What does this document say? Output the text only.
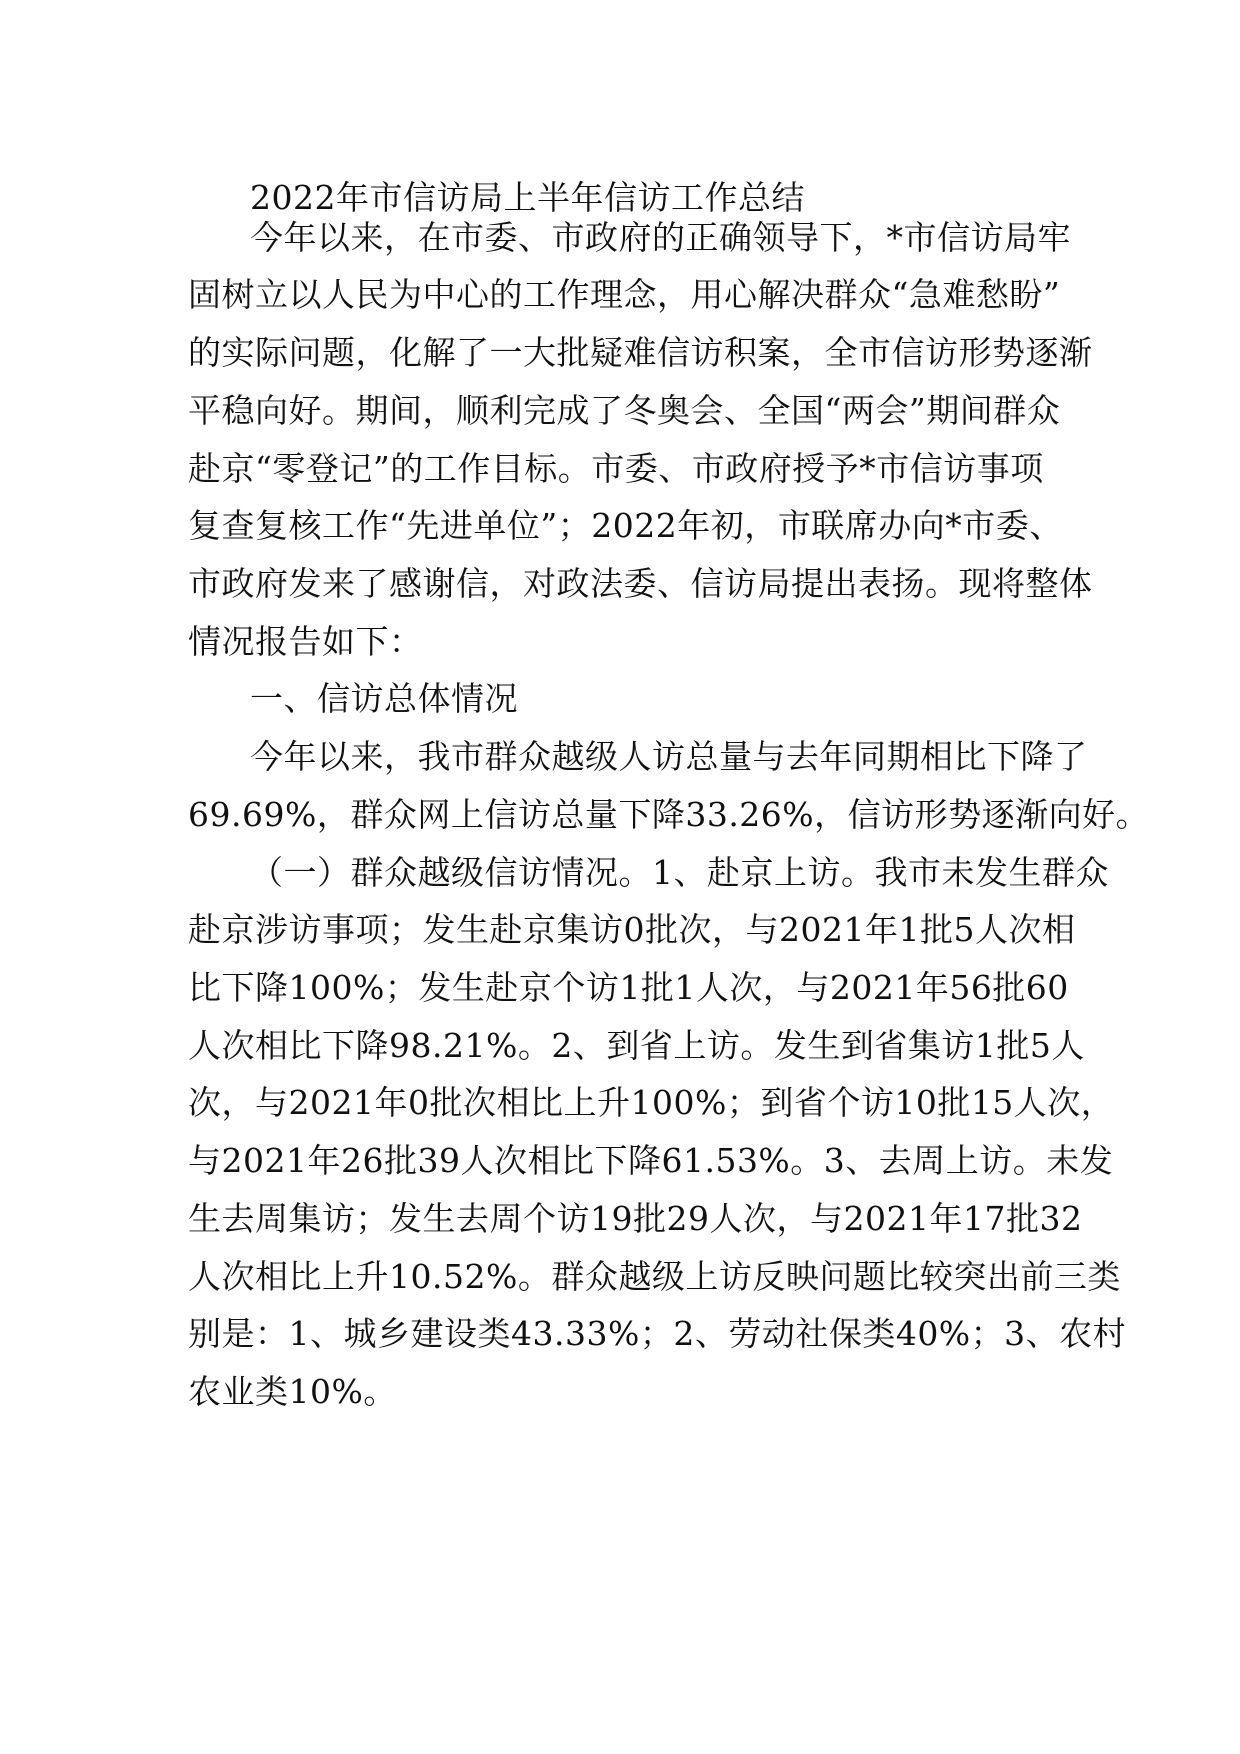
2022年市信访局上半年信访工作总结

今年以来，在市委、市政府的正确领导下，*市信访局牢

固树立以人民为中心的工作理念，用心解决群众“急难愁盼”

的实际问题，化解了一大批疑难信访积案，全市信访形势逐渐

平稳向好。期间，顺利完成了冬奥会、全国“两会”期间群众

赴京“零登记”的工作目标。市委、市政府授予*市信访事项

复查复核工作“先进单位”；2022年初，市联席办向*市委、

市政府发来了感谢信，对政法委、信访局提出表扬。现将整体

情况报告如下：

一、信访总体情况

今年以来，我市群众越级人访总量与去年同期相比下降了

69.69%，群众网上信访总量下降33.26%，信访形势逐渐向好。

（一）群众越级信访情况。1、赴京上访。我市未发生群众

赴京涉访事项；发生赴京集访0批次，与2021年1批5人次相

比下降100%；发生赴京个访1批1人次，与2021年56批60

人次相比下降98.21%。2、到省上访。发生到省集访1批5人

次，与2021年0批次相比上升100%；到省个访10批15人次，

与2021年26批39人次相比下降61.53%。3、去周上访。未发

生去周集访；发生去周个访19批29人次，与2021年17批32

人次相比上升10.52%。群众越级上访反映问题比较突出前三类

别是：1、城乡建设类43.33%；2、劳动社保类40%；3、农村

农业类10%。
